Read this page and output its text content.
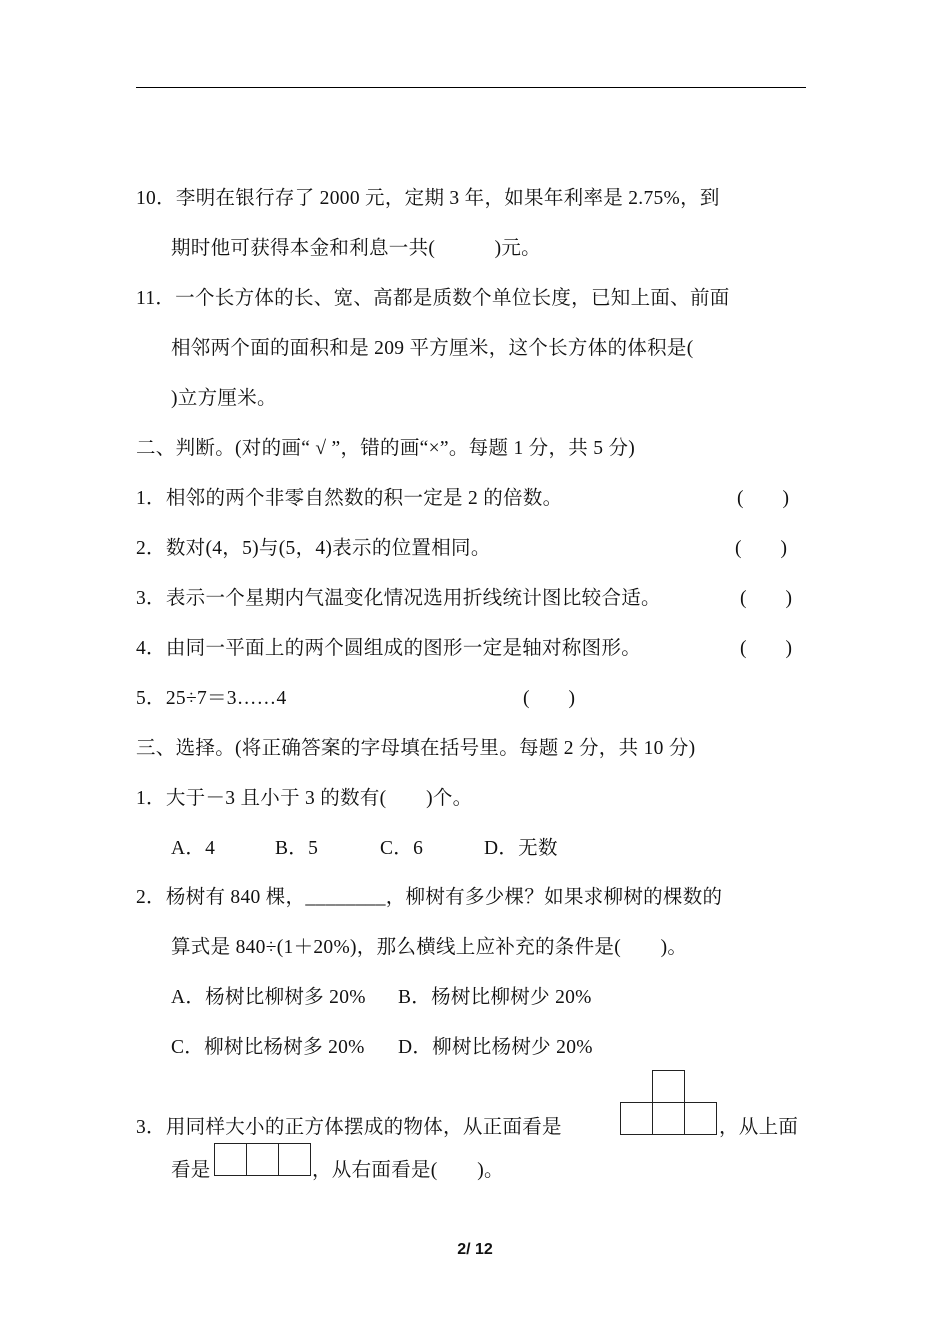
10．李明在银行存了 2000 元，定期 3 年，如果年利率是 2.75%，到
期时他可获得本金和利息一共(　　　)元。
11．一个长方体的长、宽、高都是质数个单位长度，已知上面、前面
相邻两个面的面积和是 209 平方厘米，这个长方体的体积是(
)立方厘米。
二、判断。(对的画“ √ ”，错的画“×”。每题 1 分，共 5 分)
1．相邻的两个非零自然数的积一定是 2 的倍数。	(　　)
2．数对(4，5)与(5，4)表示的位置相同。	(　　)
3．表示一个星期内气温变化情况选用折线统计图比较合适。	(　　)
4．由同一平面上的两个圆组成的图形一定是轴对称图形。	(　　)
5．25÷7＝3……4	(　　)
三、选择。(将正确答案的字母填在括号里。每题 2 分，共 10 分)
1．大于－3 且小于 3 的数有(　　)个。
A．4	B．5	C．6	D．无数
2．杨树有 840 棵，________，柳树有多少棵？如果求柳树的棵数的
算式是 840÷(1＋20%)，那么横线上应补充的条件是(　　)。
A．杨树比柳树多 20% B．杨树比柳树少 20%
C．柳树比杨树多 20% D．柳树比杨树少 20%
3．用同样大小的正方体摆成的物体，从正面看是	，从上面
看是	，从右面看是(　　)。
2/ 12
